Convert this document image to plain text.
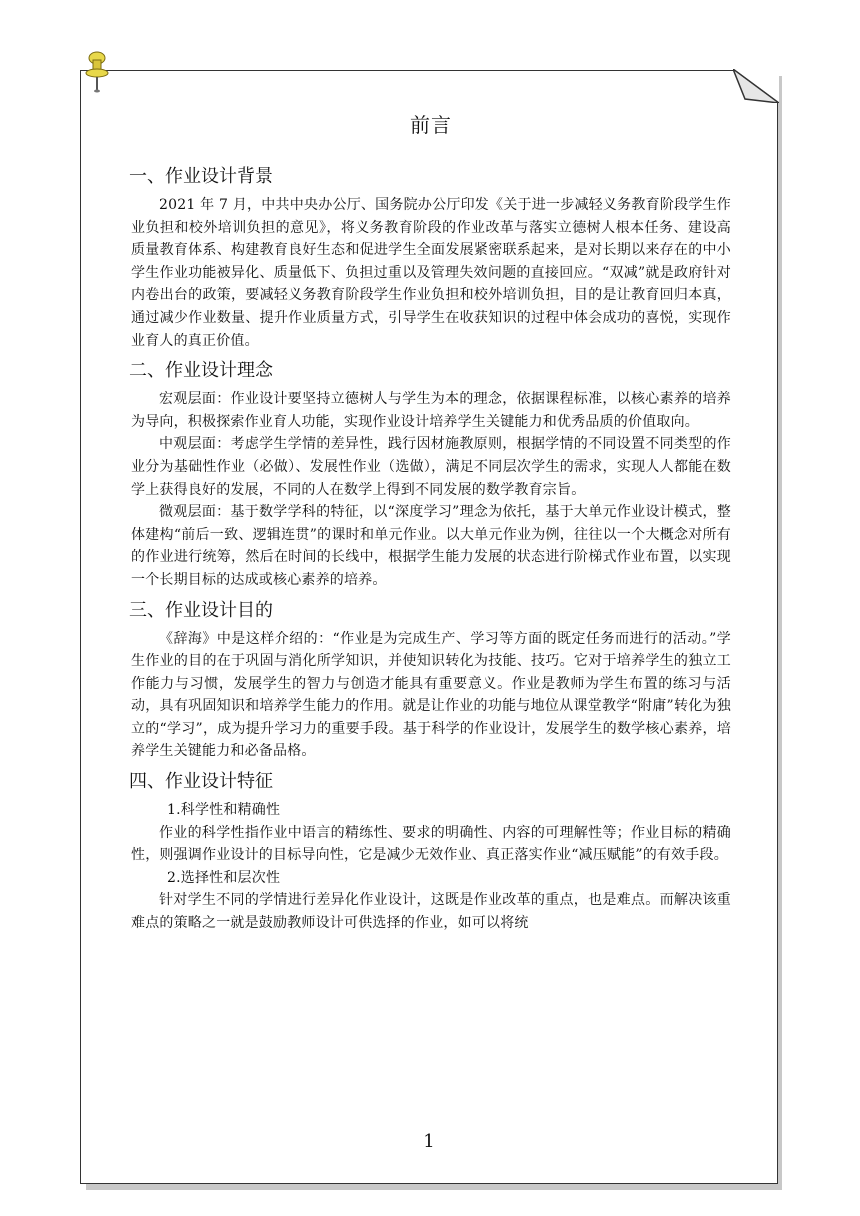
前言
一、作业设计背景

2021 年 7 月，中共中央办公厅、国务院办公厅印发《关于进一步减轻义务教育阶段学生作业负担和校外培训负担的意见》，将义务教育阶段的作业改革与落实立德树人根本任务、建设高质量教育体系、构建教育良好生态和促进学生全面发展紧密联系起来，是对长期以来存在的中小学生作业功能被异化、质量低下、负担过重以及管理失效问题的直接回应。“双减”就是政府针对内卷出台的政策，要减轻义务教育阶段学生作业负担和校外培训负担，目的是让教育回归本真，通过减少作业数量、提升作业质量方式，引导学生在收获知识的过程中体会成功的喜悦，实现作业育人的真正价值。

二、作业设计理念

宏观层面：作业设计要坚持立德树人与学生为本的理念，依据课程标准，以核心素养的培养为导向，积极探索作业育人功能，实现作业设计培养学生关键能力和优秀品质的价值取向。

中观层面：考虑学生学情的差异性，践行因材施教原则，根据学情的不同设置不同类型的作业分为基础性作业（必做）、发展性作业（选做），满足不同层次学生的需求，实现人人都能在数学上获得良好的发展，不同的人在数学上得到不同发展的数学教育宗旨。

微观层面：基于数学学科的特征，以“深度学习”理念为依托，基于大单元作业设计模式，整体建构“前后一致、逻辑连贯”的课时和单元作业。以大单元作业为例，往往以一个大概念对所有的作业进行统筹，然后在时间的长线中，根据学生能力发展的状态进行阶梯式作业布置，以实现一个长期目标的达成或核心素养的培养。

三、作业设计目的

《辞海》中是这样介绍的：“作业是为完成生产、学习等方面的既定任务而进行的活动。”学生作业的目的在于巩固与消化所学知识，并使知识转化为技能、技巧。它对于培养学生的独立工作能力与习惯，发展学生的智力与创造才能具有重要意义。作业是教师为学生布置的练习与活动，具有巩固知识和培养学生能力的作用。就是让作业的功能与地位从课堂教学“附庸”转化为独立的“学习”，成为提升学习力的重要手段。基于科学的作业设计，发展学生的数学核心素养，培养学生关键能力和必备品格。

四、作业设计特征

1.科学性和精确性

作业的科学性指作业中语言的精练性、要求的明确性、内容的可理解性等；作业目标的精确性，则强调作业设计的目标导向性，它是减少无效作业、真正落实作业“减压赋能”的有效手段。

2.选择性和层次性

针对学生不同的学情进行差异化作业设计，这既是作业改革的重点，也是难点。而解决该重难点的策略之一就是鼓励教师设计可供选择的作业，如可以将统

1
